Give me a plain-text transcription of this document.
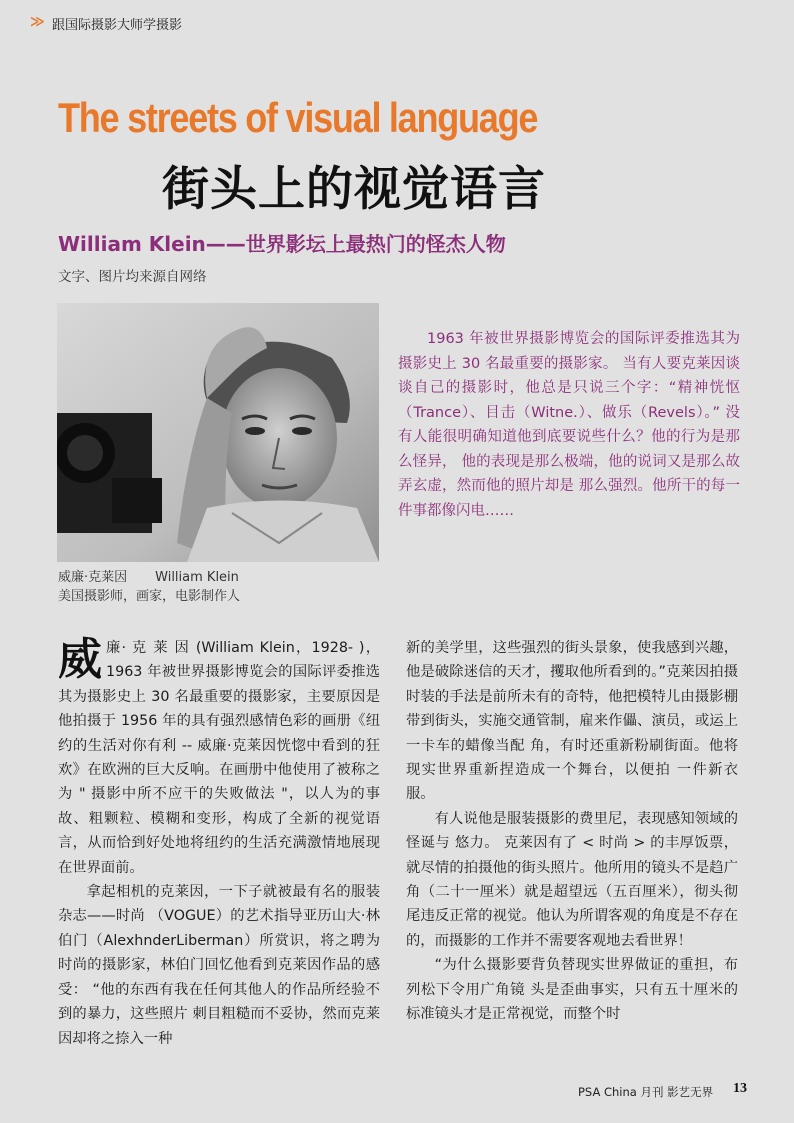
≫ 跟国际摄影大师学摄影
The streets of visual language
街头上的视觉语言
William Klein——世界影坛上最热门的怪杰人物
文字、图片均来源自网络
威廉·克莱因 William Klein
美国摄影师，画家，电影制作人
1963 年被世界摄影博览会的国际评委推选其为摄影史上 30 名最重要的摄影家。 当有人要克莱因谈谈自己的摄影时，他总是只说三个字：“精神恍怄（Trance）、目击（Witne.）、做乐（Revels）。” 没有人能很明确知道他到底要说些什么？他的行为是那么怪异， 他的表现是那么极端，他的说词又是那么故弄玄虚，然而他的照片却是 那么强烈。他所干的每一件事都像闪电……

威廉· 克 莱 因 (William Klein，1928- )，1963 年被世界摄影博览会的国际评委推选其为摄影史上 30 名最重要的摄影家，主要原因是他拍摄于 1956 年的具有强烈感情色彩的画册《纽约的生活对你有利 -- 威廉·克莱因恍惚中看到的狂欢》在欧洲的巨大反响。在画册中他使用了被称之为 " 摄影中所不应干的失败做法 "，以人为的事故、粗颗粒、模糊和变形，构成了全新的视觉语言，从而恰到好处地将纽约的生活充满激情地展现在世界面前。

拿起相机的克莱因，一下子就被最有名的服装杂志——时尚 （VOGUE）的艺术指导亚历山大·林伯门（AlexhnderLiberman）所赏识，将之聘为时尚的摄影家，林伯门回忆他看到克莱因作品的感受： “他的东西有我在任何其他人的作品所经验不到的暴力，这些照片 刺目粗糙而不妥协，然而克莱因却将之捺入一种

新的美学里，这些强烈的街头景象，使我感到兴趣，他是破除迷信的天才，攫取他所看到的。”克莱因拍摄时装的手法是前所未有的奇特，他把模特儿由摄影棚带到街头，实施交通管制，雇来作儡、演员，或运上一卡车的蜡像当配 角，有时还重新粉刷街面。他将现实世界重新捏造成一个舞台，以便拍 一件新衣服。

有人说他是服装摄影的费里尼，表现感知领域的怪诞与 悠力。 克莱因有了 < 时尚 > 的丰厚饭票，就尽情的拍摄他的街头照片。他所用的镜头不是趋广角（二十一厘米）就是超望远（五百厘米），彻头彻尾违反正常的视觉。他认为所谓客观的角度是不存在的，而摄影的工作并不需要客观地去看世界！

“为什么摄影要背负替现实世界做证的重担，布列松下令用广角镜 头是歪曲事实，只有五十厘米的标准镜头才是正常视觉，而整个时

PSA China 月刊 影艺无界 13
